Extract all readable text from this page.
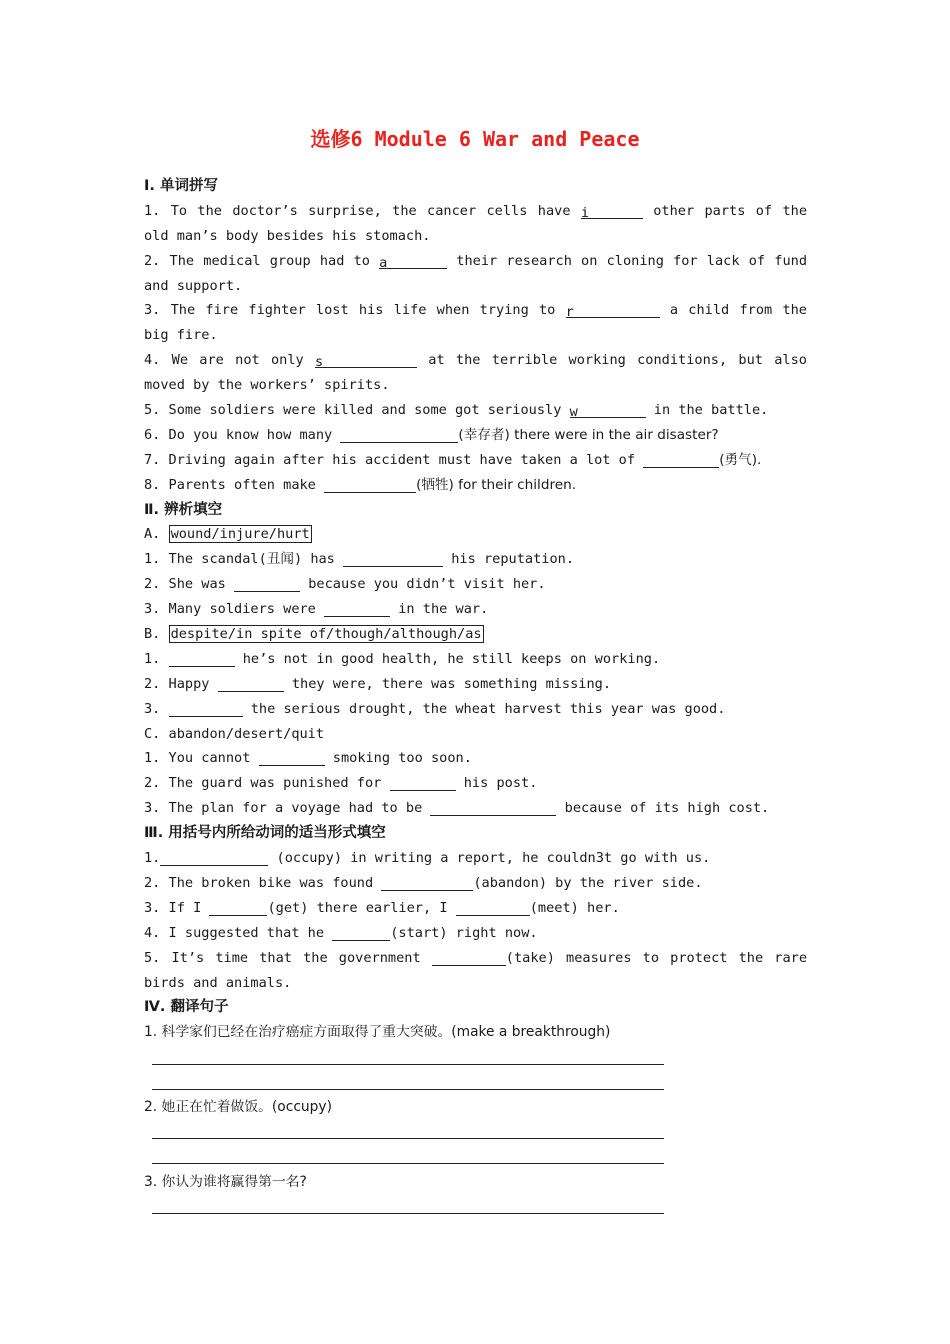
选修6 Module 6 War and Peace
Ⅰ. 单词拼写
1. To the doctor’s surprise, the cancer cells have i	other parts of the
old man’s body besides his stomach.
2. The medical group had to a	their research on cloning for lack of fund
and support.
3. The fire fighter lost his life when trying to r	a child from the
big fire.
4. We are not only s	at the terrible working conditions, but also
moved by the workers’ spirits.
5. Some soldiers were killed and some got seriously w	in the battle.
6. Do you know how many	(幸存者) there were in the air disaster?
7. Driving again after his accident must have taken a lot of	(勇气).
8. Parents often make	(牺牲) for their children.
Ⅱ. 辨析填空
A. wound/injure/hurt
1. The scandal(丑闻) has	his reputation.
2. She was	because you didn’t visit her.
3. Many soldiers were	in the war.
B. despite/in spite of/though/although/as
1.	he’s not in good health, he still keeps on working.
2. Happy	they were, there was something missing.
3.	the serious drought, the wheat harvest this year was good.
C. abandon/desert/quit
1. You cannot	smoking too soon.
2. The guard was punished for	his post.
3. The plan for a voyage had to be	because of its high cost.
Ⅲ. 用括号内所给动词的适当形式填空
1.	(occupy) in writing a report, he couldn3t go with us.
2. The broken bike was found	(abandon) by the river side.
3. If I	(get) there earlier, I	(meet) her.
4. I suggested that he	(start) right now.
5. It’s time that the government	(take) measures to protect the rare
birds and animals.
Ⅳ. 翻译句子
1. 科学家们已经在治疗癌症方面取得了重大突破。(make a breakthrough)
2. 她正在忙着做饭。(occupy)
3. 你认为谁将赢得第一名?
